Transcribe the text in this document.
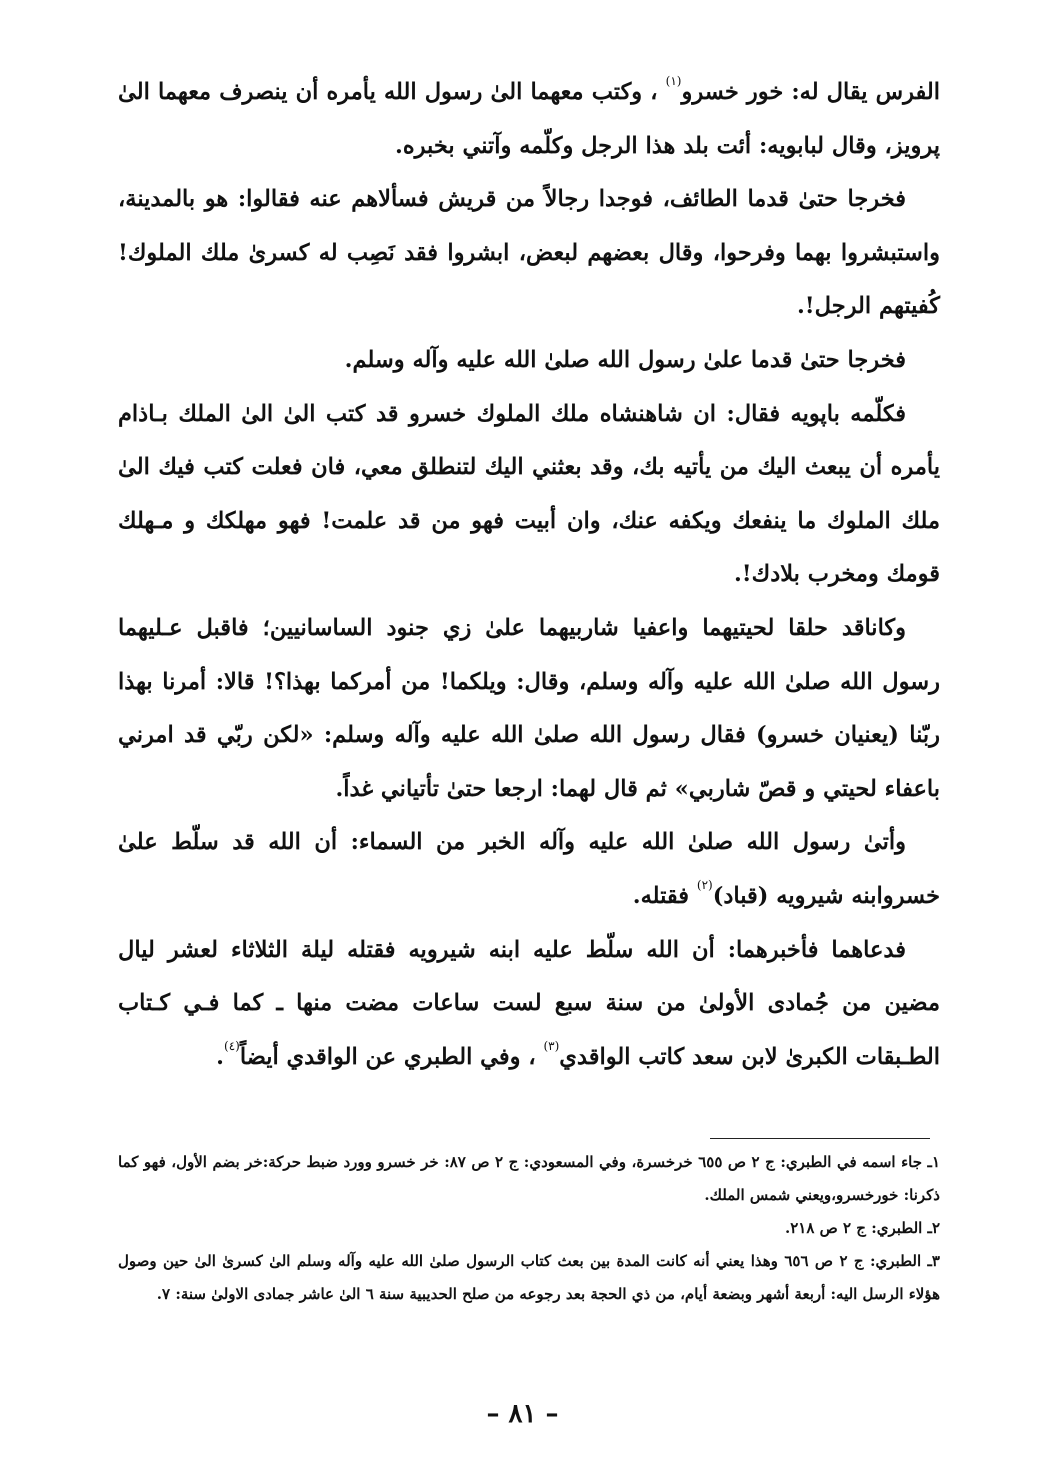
الفرس يقال له: خور خسرو$^{(١)}$ ، وكتب معهما الىٰ رسول الله يأمره أن ينصرف معهما الىٰ پرويز، وقال لبابويه: أئت بلد هذا الرجل وكلّمه وآتني بخبره.

فخرجا حتىٰ قدما الطائف، فوجدا رجالاً من قريش فسألاهم عنه فقالوا: هو بالمدينة، واستبشروا بهما وفرحوا، وقال بعضهم لبعض، ابشروا فقد نَصِب له كسرىٰ ملك الملوك! كُفيتهم الرجل!.

فخرجا حتىٰ قدما علىٰ رسول الله صلىٰ الله عليه وآله وسلم.

فكلّمه باپويه فقال: ان شاهنشاه ملك الملوك خسرو قد كتب الىٰ الىٰ الملك بـاذام يأمره أن يبعث اليك من يأتيه بك، وقد بعثني اليك لتنطلق معي، فان فعلت كتب فيك الىٰ ملك الملوك ما ينفعك ويكفه عنك، وان أبيت فهو من قد علمت! فهو مهلكك و مـهلك قومك ومخرب بلادك!.

وكاناقد حلقا لحيتيهما واعفيا شاربيهما علىٰ زي جنود الساسانيين؛ فاقبل عـليهما رسول الله صلىٰ الله عليه وآله وسلم، وقال: ويلكما! من أمركما بهذا؟! قالا: أمرنا بهذا ربّنا (يعنيان خسرو) فقال رسول الله صلىٰ الله عليه وآله وسلم: «لكن ربّي قد امرني باعفاء لحيتي و قصّ شاربي» ثم قال لهما: ارجعا حتىٰ تأتياني غداً.

وأتىٰ رسول الله صلىٰ الله عليه وآله الخبر من السماء: أن الله قد سلّط علىٰ خسروابنه شيرويه (قباد)$^{(٢)}$ فقتله.

فدعاهما فأخبرهما: أن الله سلّط عليه ابنه شيرويه فقتله ليلة الثلاثاء لعشر ليال مضين من جُمادى الأولىٰ من سنة سبع لست ساعات مضت منها ـ كما فـي كـتاب الطـبقات الكبرىٰ لابن سعد كاتب الواقدي$^{(٣)}$ ، وفي الطبري عن الواقدي أيضاً$^{(٤)}$.

١ـ جاء اسمه في الطبري: ج ٢ ص ٦٥٥ خرخسرة، وفي المسعودي: ج ٢ ص ٨٧: خر خسرو وورد ضبط حركة:خر بضم الأول، فهو كما ذكرنا: خورخسرو،ويعني شمس الملك.

٢ـ الطبري: ج ٢ ص ٢١٨.

٣ـ الطبري: ج ٢ ص ٦٥٦ وهذا يعني أنه كانت المدة بين بعث كتاب الرسول صلىٰ الله عليه وآله وسلم الىٰ كسرىٰ الىٰ حين وصول هؤلاء الرسل اليه: أربعة أشهر وبضعة أيام، من ذي الحجة بعد رجوعه من صلح الحديبية سنة ٦ الىٰ عاشر جمادى الاولىٰ سنة: ٧.

– ٨١ –
